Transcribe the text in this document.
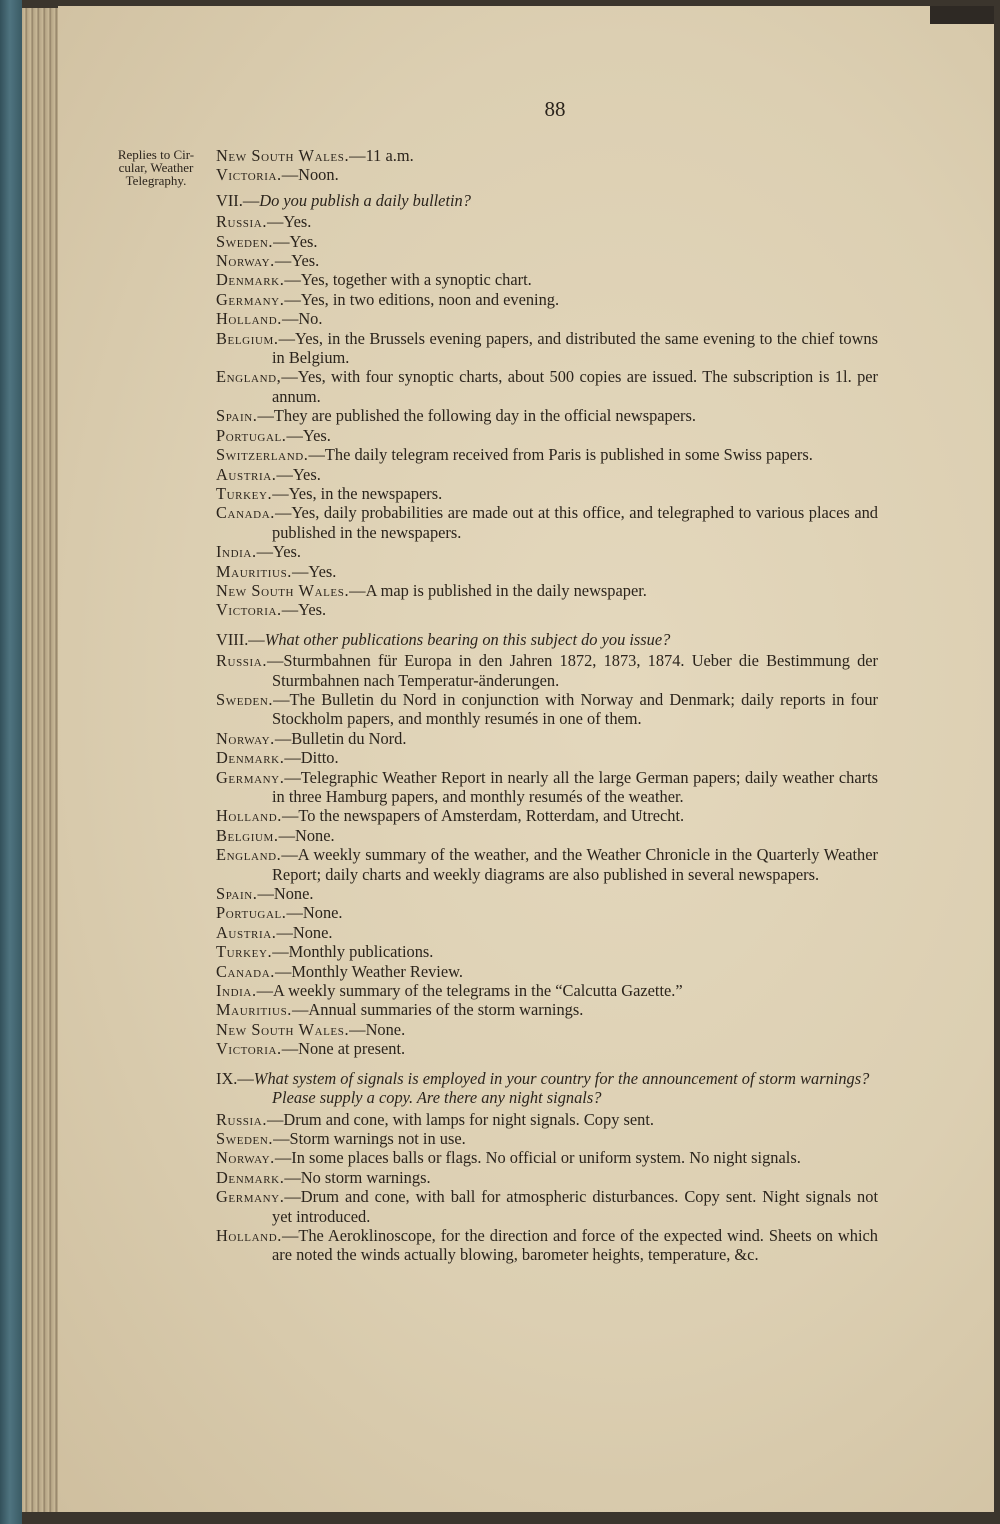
88
Replies to Cir-
cular, Weather
Telegraphy.
New South Wales.—11 a.m.
Victoria.—Noon.
VII.—Do you publish a daily bulletin?
Russia.—Yes.
Sweden.—Yes.
Norway.—Yes.
Denmark.—Yes, together with a synoptic chart.
Germany.—Yes, in two editions, noon and evening.
Holland.—No.
Belgium.—Yes, in the Brussels evening papers, and distributed the same evening to the chief towns in Belgium.
England,—Yes, with four synoptic charts, about 500 copies are issued. The subscription is 1l. per annum.
Spain.—They are published the following day in the official newspapers.
Portugal.—Yes.
Switzerland.—The daily telegram received from Paris is published in some Swiss papers.
Austria.—Yes.
Turkey.—Yes, in the newspapers.
Canada.—Yes, daily probabilities are made out at this office, and telegraphed to various places and published in the newspapers.
India.—Yes.
Mauritius.—Yes.
New South Wales.—A map is published in the daily newspaper.
Victoria.—Yes.
VIII.—What other publications bearing on this subject do you issue?
Russia.—Sturmbahnen für Europa in den Jahren 1872, 1873, 1874. Ueber die Bestimmung der Sturmbahnen nach Temperatur-änderungen.
Sweden.—The Bulletin du Nord in conjunction with Norway and Denmark; daily reports in four Stockholm papers, and monthly resumés in one of them.
Norway.—Bulletin du Nord.
Denmark.—Ditto.
Germany.—Telegraphic Weather Report in nearly all the large German papers; daily weather charts in three Hamburg papers, and monthly resumés of the weather.
Holland.—To the newspapers of Amsterdam, Rotterdam, and Utrecht.
Belgium.—None.
England.—A weekly summary of the weather, and the Weather Chronicle in the Quarterly Weather Report; daily charts and weekly diagrams are also published in several newspapers.
Spain.—None.
Portugal.—None.
Austria.—None.
Turkey.—Monthly publications.
Canada.—Monthly Weather Review.
India.—A weekly summary of the telegrams in the “Calcutta Gazette.”
Mauritius.—Annual summaries of the storm warnings.
New South Wales.—None.
Victoria.—None at present.
IX.—What system of signals is employed in your country for the announcement of storm warnings? Please supply a copy. Are there any night signals?
Russia.—Drum and cone, with lamps for night signals. Copy sent.
Sweden.—Storm warnings not in use.
Norway.—In some places balls or flags. No official or uniform system. No night signals.
Denmark.—No storm warnings.
Germany.—Drum and cone, with ball for atmospheric disturbances. Copy sent. Night signals not yet introduced.
Holland.—The Aeroklinoscope, for the direction and force of the expected wind. Sheets on which are noted the winds actually blowing, barometer heights, temperature, &c.
